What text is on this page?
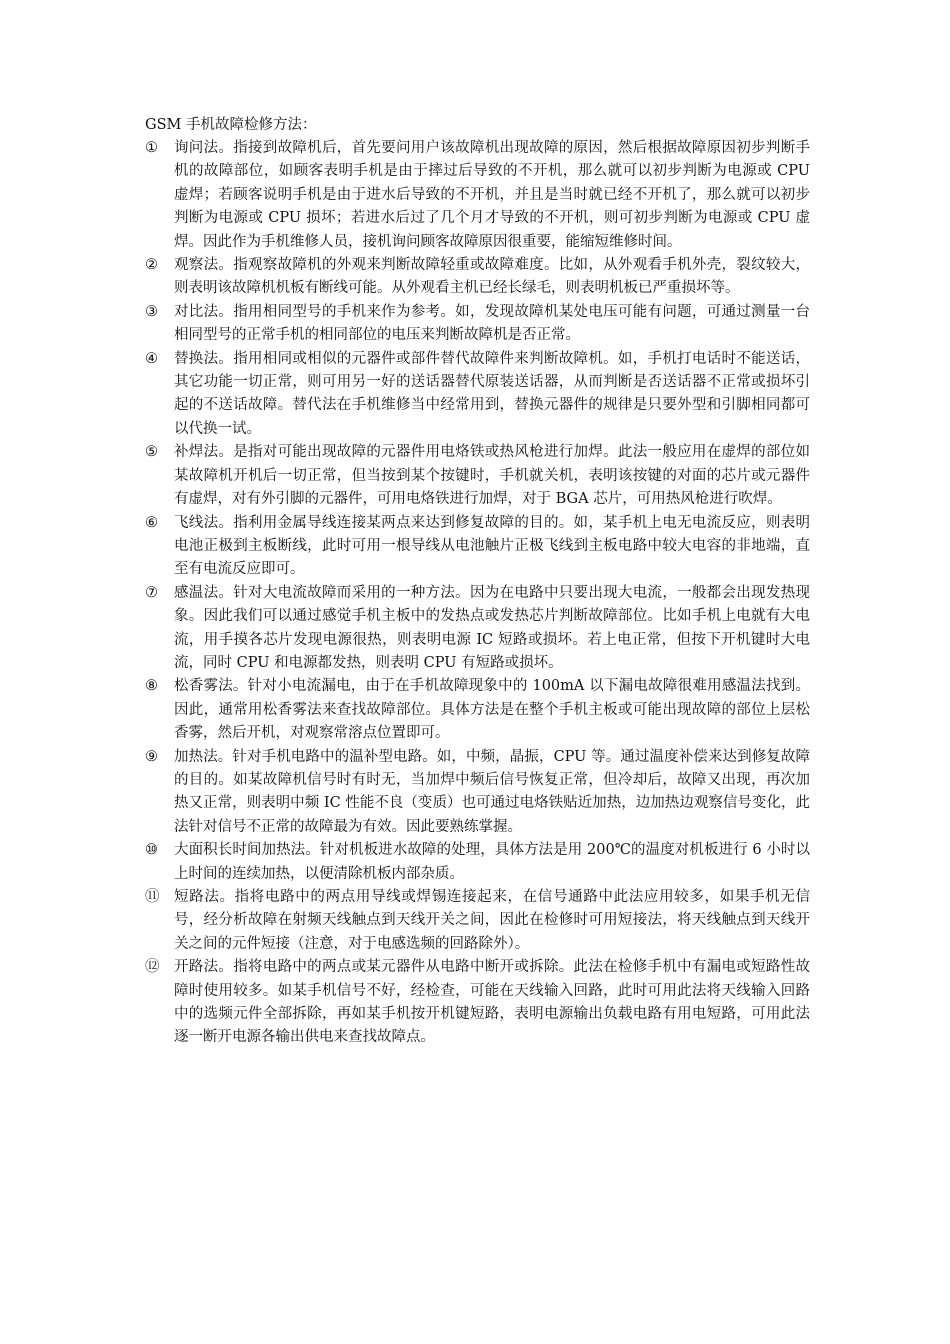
GSM 手机故障检修方法：
①	询问法。指接到故障机后，首先要问用户该故障机出现故障的原因，然后根据故障原因初步判断手机的故障部位，如顾客表明手机是由于摔过后导致的不开机，那么就可以初步判断为电源或 CPU 虚焊；若顾客说明手机是由于进水后导致的不开机，并且是当时就已经不开机了，那么就可以初步判断为电源或 CPU 损坏；若进水后过了几个月才导致的不开机，则可初步判断为电源或 CPU 虚焊。因此作为手机维修人员，接机询问顾客故障原因很重要，能缩短维修时间。
②	观察法。指观察故障机的外观来判断故障轻重或故障难度。比如，从外观看手机外壳，裂纹较大，则表明该故障机机板有断线可能。从外观看主机已经长绿毛，则表明机板已严重损坏等。
③	对比法。指用相同型号的手机来作为参考。如，发现故障机某处电压可能有问题，可通过测量一台相同型号的正常手机的相同部位的电压来判断故障机是否正常。
④	替换法。指用相同或相似的元器件或部件替代故障件来判断故障机。如，手机打电话时不能送话，其它功能一切正常，则可用另一好的送话器替代原装送话器，从而判断是否送话器不正常或损坏引起的不送话故障。替代法在手机维修当中经常用到，替换元器件的规律是只要外型和引脚相同都可以代换一试。
⑤	补焊法。是指对可能出现故障的元器件用电烙铁或热风枪进行加焊。此法一般应用在虚焊的部位如某故障机开机后一切正常，但当按到某个按键时，手机就关机，表明该按键的对面的芯片或元器件有虚焊，对有外引脚的元器件，可用电烙铁进行加焊，对于 BGA 芯片，可用热风枪进行吹焊。
⑥	飞线法。指利用金属导线连接某两点来达到修复故障的目的。如，某手机上电无电流反应，则表明电池正极到主板断线，此时可用一根导线从电池触片正极飞线到主板电路中较大电容的非地端，直至有电流反应即可。
⑦	感温法。针对大电流故障而采用的一种方法。因为在电路中只要出现大电流，一般都会出现发热现象。因此我们可以通过感觉手机主板中的发热点或发热芯片判断故障部位。比如手机上电就有大电流，用手摸各芯片发现电源很热，则表明电源 IC 短路或损坏。若上电正常，但按下开机键时大电流，同时 CPU 和电源都发热，则表明 CPU 有短路或损坏。
⑧	松香雾法。针对小电流漏电，由于在手机故障现象中的 100mA 以下漏电故障很难用感温法找到。因此，通常用松香雾法来查找故障部位。具体方法是在整个手机主板或可能出现故障的部位上层松香雾，然后开机，对观察常溶点位置即可。
⑨	加热法。针对手机电路中的温补型电路。如，中频，晶振，CPU 等。通过温度补偿来达到修复故障的目的。如某故障机信号时有时无，当加焊中频后信号恢复正常，但冷却后，故障又出现，再次加热又正常，则表明中频 IC 性能不良（变质）也可通过电烙铁贴近加热，边加热边观察信号变化，此法针对信号不正常的故障最为有效。因此要熟练掌握。
⑩	大面积长时间加热法。针对机板进水故障的处理，具体方法是用 200℃的温度对机板进行 6 小时以上时间的连续加热，以便清除机板内部杂质。
⑪	短路法。指将电路中的两点用导线或焊锡连接起来，在信号通路中此法应用较多，如果手机无信号，经分析故障在射频天线触点到天线开关之间，因此在检修时可用短接法，将天线触点到天线开关之间的元件短接（注意，对于电感选频的回路除外）。
⑫	开路法。指将电路中的两点或某元器件从电路中断开或拆除。此法在检修手机中有漏电或短路性故障时使用较多。如某手机信号不好，经检查，可能在天线输入回路，此时可用此法将天线输入回路中的选频元件全部拆除，再如某手机按开机键短路，表明电源输出负载电路有用电短路，可用此法逐一断开电源各输出供电来查找故障点。
